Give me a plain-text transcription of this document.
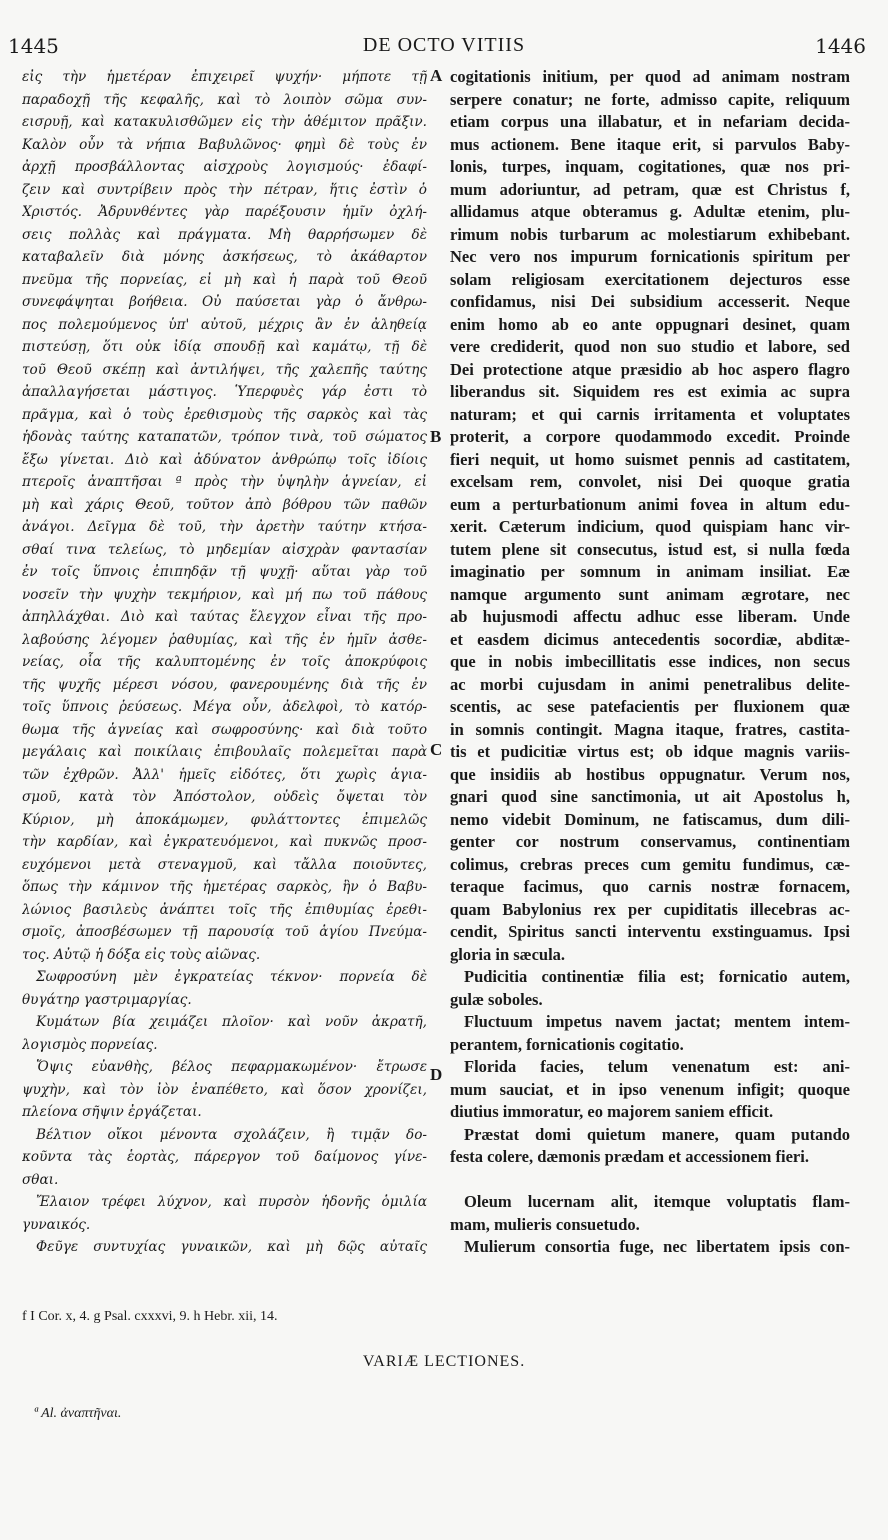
1445	DE OCTO VITIIS	1446
εἰς τὴν ἡμετέραν ἐπιχειρεῖ ψυχήν· μήποτε τῇ
παραδοχῇ τῆς κεφαλῆς, καὶ τὸ λοιπὸν σῶμα συν-
εισρυῇ, καὶ κατακυλισθῶμεν εἰς τὴν ἀθέμιτον πρᾶξιν.
Καλὸν οὖν τὰ νήπια Βαβυλῶνος· φημὶ δὲ τοὺς ἐν
ἀρχῇ προσβάλλοντας αἰσχροὺς λογισμούς· ἐδαφί-
ζειν καὶ συντρίβειν πρὸς τὴν πέτραν, ἥτις ἐστὶν ὁ
Χριστός. Ἀδρυνθέντες γὰρ παρέξουσιν ἡμῖν ὀχλή-
σεις πολλὰς καὶ πράγματα. Μὴ θαρρήσωμεν δὲ
καταβαλεῖν διὰ μόνης ἀσκήσεως, τὸ ἀκάθαρτον
πνεῦμα τῆς πορνείας, εἰ μὴ καὶ ἡ παρὰ τοῦ Θεοῦ
συνεφάψηται βοήθεια. Οὐ παύσεται γὰρ ὁ ἄνθρω-
πος πολεμούμενος ὑπ' αὐτοῦ, μέχρις ἂν ἐν ἀληθείᾳ
πιστεύσῃ, ὅτι οὐκ ἰδίᾳ σπουδῇ καὶ καμάτῳ, τῇ δὲ
τοῦ Θεοῦ σκέπῃ καὶ ἀντιλήψει, τῆς χαλεπῆς ταύτης
ἀπαλλαγήσεται μάστιγος. Ὑπερφυὲς γάρ ἐστι τὸ
πρᾶγμα, καὶ ὁ τοὺς ἐρεθισμοὺς τῆς σαρκὸς καὶ τὰς
ἡδονὰς ταύτης καταπατῶν, τρόπον τινὰ, τοῦ σώματος
ἔξω γίνεται. Διὸ καὶ ἀδύνατον ἀνθρώπῳ τοῖς ἰδίοις
πτεροῖς ἀναπτῆσαι ª πρὸς τὴν ὑψηλὴν ἁγνείαν, εἰ
μὴ καὶ χάρις Θεοῦ, τοῦτον ἀπὸ βόθρου τῶν παθῶν
ἀνάγοι. Δεῖγμα δὲ τοῦ, τὴν ἀρετὴν ταύτην κτήσα-
σθαί τινα τελείως, τὸ μηδεμίαν αἰσχρὰν φαντασίαν
ἐν τοῖς ὕπνοις ἐπιπηδᾷν τῇ ψυχῇ· αὕται γὰρ τοῦ
νοσεῖν τὴν ψυχὴν τεκμήριον, καὶ μή πω τοῦ πάθους
ἀπηλλάχθαι. Διὸ καὶ ταύτας ἔλεγχον εἶναι τῆς προ-
λαβούσης λέγομεν ῥαθυμίας, καὶ τῆς ἐν ἡμῖν ἀσθε-
νείας, οἷα τῆς καλυπτομένης ἐν τοῖς ἀποκρύφοις
τῆς ψυχῆς μέρεσι νόσου, φανερουμένης διὰ τῆς ἐν
τοῖς ὕπνοις ῥεύσεως. Μέγα οὖν, ἀδελφοὶ, τὸ κατόρ-
θωμα τῆς ἁγνείας καὶ σωφροσύνης· καὶ διὰ τοῦτο
μεγάλαις καὶ ποικίλαις ἐπιβουλαῖς πολεμεῖται παρὰ
τῶν ἐχθρῶν. Ἀλλ' ἡμεῖς εἰδότες, ὅτι χωρὶς ἁγια-
σμοῦ, κατὰ τὸν Ἀπόστολον, οὐδεὶς ὄψεται τὸν
Κύριον, μὴ ἀποκάμωμεν, φυλάττοντες ἐπιμελῶς
τὴν καρδίαν, καὶ ἐγκρατευόμενοι, καὶ πυκνῶς προσ-
ευχόμενοι μετὰ στεναγμοῦ, καὶ τἄλλα ποιοῦντες,
ὅπως τὴν κάμινον τῆς ἡμετέρας σαρκὸς, ἣν ὁ Βαβυ-
λώνιος βασιλεὺς ἀνάπτει τοῖς τῆς ἐπιθυμίας ἐρεθι-
σμοῖς, ἀποσβέσωμεν τῇ παρουσίᾳ τοῦ ἁγίου Πνεύμα-
τος. Αὐτῷ ἡ δόξα εἰς τοὺς αἰῶνας.
Σωφροσύνη μὲν ἐγκρατείας τέκνον· πορνεία δὲ
θυγάτηρ γαστριμαργίας.
Κυμάτων βία χειμάζει πλοῖον· καὶ νοῦν ἀκρατῆ,
λογισμὸς πορνείας.
Ὄψις εὐανθὴς, βέλος πεφαρμακωμένον· ἔτρωσε
ψυχὴν, καὶ τὸν ἰὸν ἐναπέθετο, καὶ ὅσον χρονίζει,
πλείονα σῆψιν ἐργάζεται.
Βέλτιον οἴκοι μένοντα σχολάζειν, ἢ τιμᾷν δο-
κοῦντα τὰς ἑορτὰς, πάρεργον τοῦ δαίμονος γίνε-
σθαι.
Ἔλαιον τρέφει λύχνον, καὶ πυρσὸν ἡδονῆς ὁμιλία
γυναικός.
Φεῦγε συντυχίας γυναικῶν, καὶ μὴ δῷς αὐταῖς
cogitationis initium, per quod ad animam nostram
serpere conatur; ne forte, admisso capite, reliquum
etiam corpus una illabatur, et in nefariam decida-
mus actionem. Bene itaque erit, si parvulos Baby-
lonis, turpes, inquam, cogitationes, quæ nos pri-
mum adoriuntur, ad petram, quæ est Christus f,
allidamus atque obteramus g. Adultæ etenim, plu-
rimum nobis turbarum ac molestiarum exhibebant.
Nec vero nos impurum fornicationis spiritum per
solam religiosam exercitationem dejecturos esse
confidamus, nisi Dei subsidium accesserit. Neque
enim homo ab eo ante oppugnari desinet, quam
vere crediderit, quod non suo studio et labore, sed
Dei protectione atque præsidio ab hoc aspero flagro
liberandus sit. Siquidem res est eximia ac supra
naturam; et qui carnis irritamenta et voluptates
proterit, a corpore quodammodo excedit. Proinde
fieri nequit, ut homo suismet pennis ad castitatem,
excelsam rem, convolet, nisi Dei quoque gratia
eum a perturbationum animi fovea in altum edu-
xerit. Cæterum indicium, quod quispiam hanc vir-
tutem plene sit consecutus, istud est, si nulla fœda
imaginatio per somnum in animam insiliat. Eæ
namque argumento sunt animam ægrotare, nec
ab hujusmodi affectu adhuc esse liberam. Unde
et easdem dicimus antecedentis socordiæ, abditæ-
que in nobis imbecillitatis esse indices, non secus
ac morbi cujusdam in animi penetralibus delite-
scentis, ac sese patefacientis per fluxionem quæ
in somnis contingit. Magna itaque, fratres, castita-
tis et pudicitiæ virtus est; ob idque magnis variis-
que insidiis ab hostibus oppugnatur. Verum nos,
gnari quod sine sanctimonia, ut ait Apostolus h,
nemo videbit Dominum, ne fatiscamus, dum dili-
genter cor nostrum conservamus, continentiam
colimus, crebras preces cum gemitu fundimus, cæ-
teraque facimus, quo carnis nostræ fornacem,
quam Babylonius rex per cupiditatis illecebras ac-
cendit, Spiritus sancti interventu exstinguamus. Ipsi
gloria in sæcula.
Pudicitia continentiæ filia est; fornicatio autem,
gulæ soboles.
Fluctuum impetus navem jactat; mentem intem-
perantem, fornicationis cogitatio.
Florida facies, telum venenatum est: ani-
mum sauciat, et in ipso venenum infigit; quoque
diutius immoratur, eo majorem saniem efficit.
Præstat domi quietum manere, quam putando
festa colere, dæmonis prædam et accessionem fieri.
Oleum lucernam alit, itemque voluptatis flam-
mam, mulieris consuetudo.
Mulierum consortia fuge, nec libertatem ipsis con-
A
B
C
D
f I Cor. x, 4. g Psal. cxxxvi, 9. h Hebr. xii, 14.
VARIÆ LECTIONES.
ª Al. ἀναπτῆναι.
